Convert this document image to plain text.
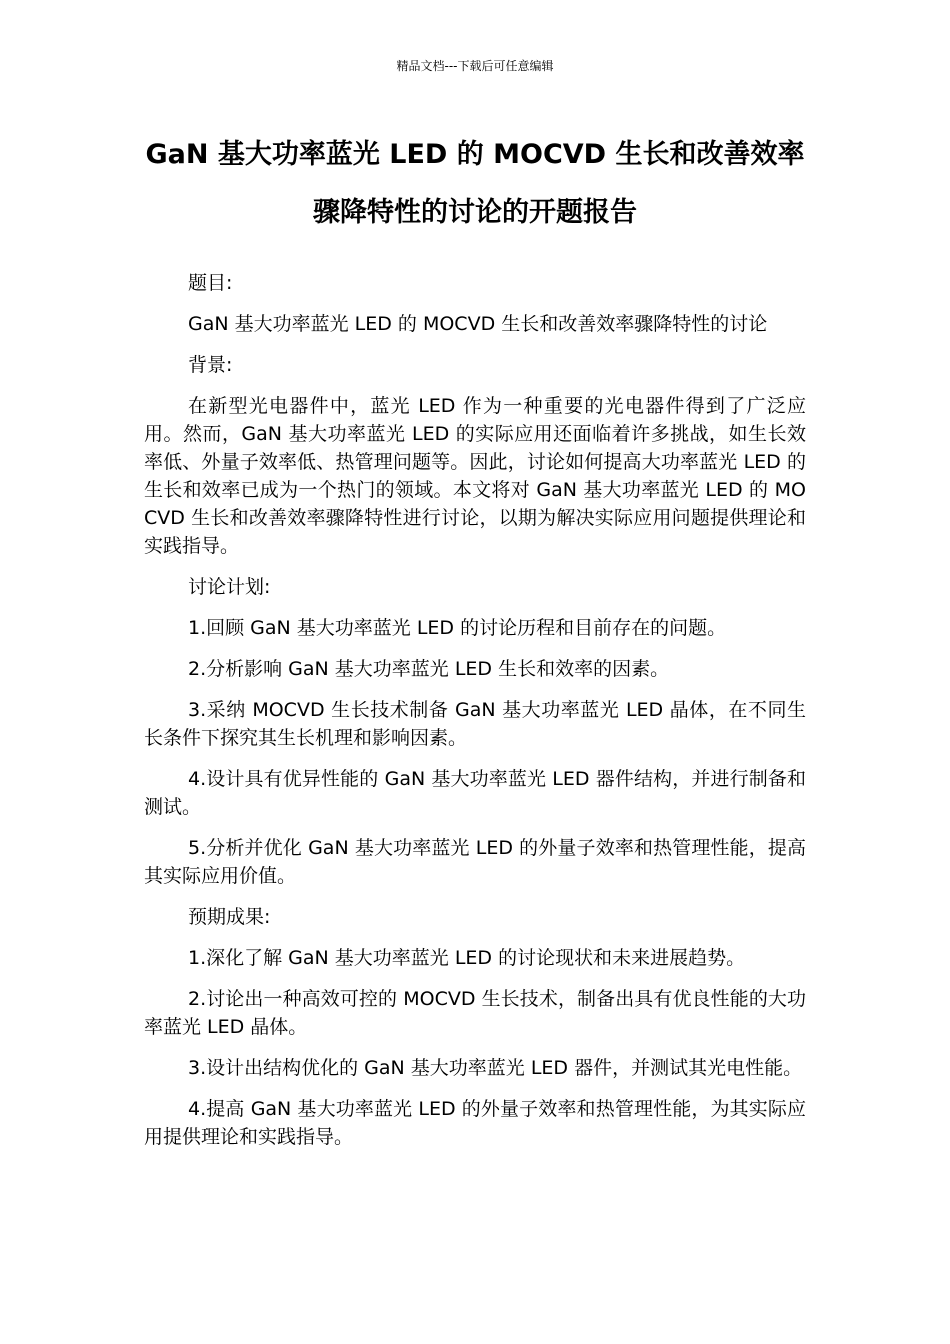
精品文档---下载后可任意编辑
GaN 基大功率蓝光 LED 的 MOCVD 生长和改善效率
骤降特性的讨论的开题报告

题目:

GaN 基大功率蓝光 LED 的 MOCVD 生长和改善效率骤降特性的讨论

背景:

在新型光电器件中，蓝光 LED 作为一种重要的光电器件得到了广泛应用。然而，GaN 基大功率蓝光 LED 的实际应用还面临着许多挑战，如生长效率低、外量子效率低、热管理问题等。因此，讨论如何提高大功率蓝光 LED 的生长和效率已成为一个热门的领域。本文将对 GaN 基大功率蓝光 LED 的 MOCVD 生长和改善效率骤降特性进行讨论，以期为解决实际应用问题提供理论和实践指导。

讨论计划:

1.回顾 GaN 基大功率蓝光 LED 的讨论历程和目前存在的问题。

2.分析影响 GaN 基大功率蓝光 LED 生长和效率的因素。

3.采纳 MOCVD 生长技术制备 GaN 基大功率蓝光 LED 晶体，在不同生长条件下探究其生长机理和影响因素。

4.设计具有优异性能的 GaN 基大功率蓝光 LED 器件结构，并进行制备和测试。

5.分析并优化 GaN 基大功率蓝光 LED 的外量子效率和热管理性能，提高其实际应用价值。

预期成果:

1.深化了解 GaN 基大功率蓝光 LED 的讨论现状和未来进展趋势。

2.讨论出一种高效可控的 MOCVD 生长技术，制备出具有优良性能的大功率蓝光 LED 晶体。

3.设计出结构优化的 GaN 基大功率蓝光 LED 器件，并测试其光电性能。

4.提高 GaN 基大功率蓝光 LED 的外量子效率和热管理性能，为其实际应用提供理论和实践指导。
